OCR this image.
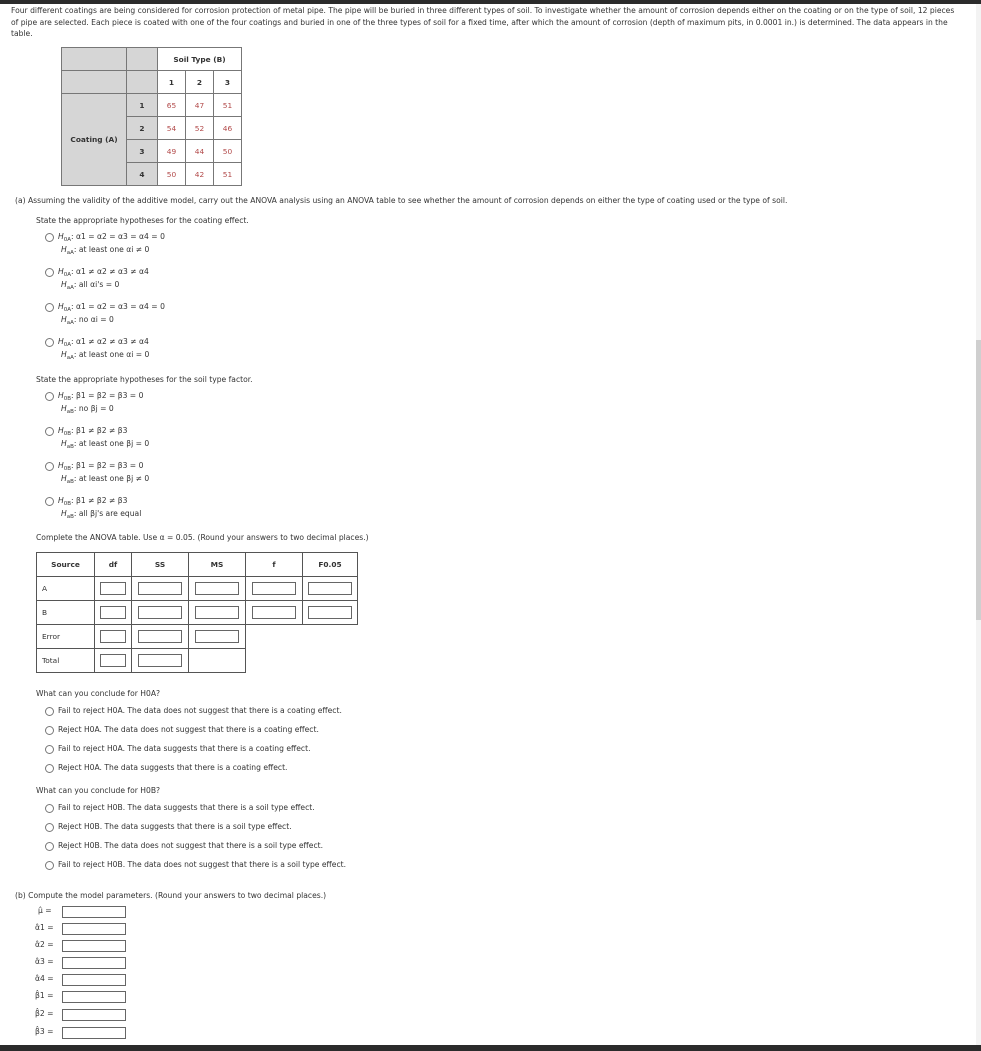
Four different coatings are being considered for corrosion protection of metal pipe. The pipe will be buried in three different types of soil. To investigate whether the amount of corrosion depends either on the coating or on the type of soil, 12 pieces of pipe are selected. Each piece is coated with one of the four coatings and buried in one of the three types of soil for a fixed time, after which the amount of corrosion (depth of maximum pits, in 0.0001 in.) is determined. The data appears in the table.
		Soil Type (B)		
		1	2	3
Coating (A)	1	65	47	51
	2	54	52	46
	3	49	44	50
	4	50	42	51
(a) Assuming the validity of the additive model, carry out the ANOVA analysis using an ANOVA table to see whether the amount of corrosion depends on either the type of coating used or the type of soil.
State the appropriate hypotheses for the coating effect.
$H_{0A}$: α1 = α2 = α3 = α4 = 0
$H_{aA}$: at least one αi ≠ 0
$H_{0A}$: α1 ≠ α2 ≠ α3 ≠ α4
$H_{aA}$: all αi's = 0
$H_{0A}$: α1 = α2 = α3 = α4 = 0
$H_{aA}$: no αi = 0
$H_{0A}$: α1 ≠ α2 ≠ α3 ≠ α4
$H_{aA}$: at least one αi = 0
State the appropriate hypotheses for the soil type factor.
$H_{0B}$: β1 = β2 = β3 = 0
$H_{aB}$: no βj = 0
$H_{0B}$: β1 ≠ β2 ≠ β3
$H_{aB}$: at least one βj = 0
$H_{0B}$: β1 = β2 = β3 = 0
$H_{aB}$: at least one βj ≠ 0
$H_{0B}$: β1 ≠ β2 ≠ β3
$H_{aB}$: all βj's are equal
Complete the ANOVA table. Use α = 0.05. (Round your answers to two decimal places.)
Source	df	SS	MS	f	F0.05
A					
B					
Error					
Total					
What can you conclude for H0A?
Fail to reject H0A. The data does not suggest that there is a coating effect.
Reject H0A. The data does not suggest that there is a coating effect.
Fail to reject H0A. The data suggests that there is a coating effect.
Reject H0A. The data suggests that there is a coating effect.
What can you conclude for H0B?
Fail to reject H0B. The data suggests that there is a soil type effect.
Reject H0B. The data suggests that there is a soil type effect.
Reject H0B. The data does not suggest that there is a soil type effect.
Fail to reject H0B. The data does not suggest that there is a soil type effect.
(b) Compute the model parameters. (Round your answers to two decimal places.)
μ̂ =
α̂1 =
α̂2 =
α̂3 =
α̂4 =
β̂1 =
β̂2 =
β̂3 =
